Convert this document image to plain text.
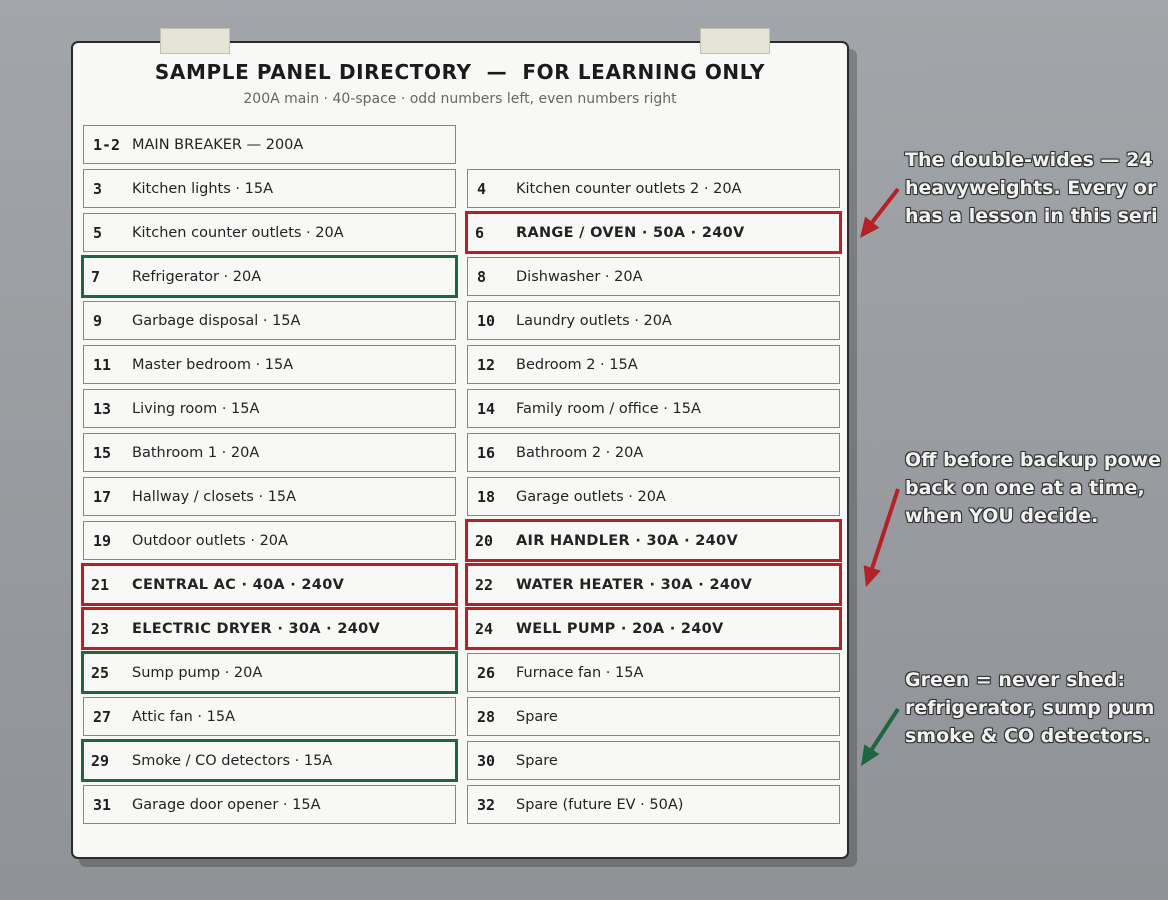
SAMPLE PANEL DIRECTORY  —  FOR LEARNING ONLY
200A main · 40-space · odd numbers left, even numbers right
1-2 MAIN BREAKER — 200A
3	Kitchen lights · 15A
5	Kitchen counter outlets · 20A
7	Refrigerator · 20A
9	Garbage disposal · 15A
11	Master bedroom · 15A
13	Living room · 15A
15	Bathroom 1 · 20A
17	Hallway / closets · 15A
19	Outdoor outlets · 20A
21	CENTRAL AC · 40A · 240V
23	ELECTRIC DRYER · 30A · 240V
25	Sump pump · 20A
27	Attic fan · 15A
29	Smoke / CO detectors · 15A
31	Garage door opener · 15A
4	Kitchen counter outlets 2 · 20A
6	RANGE / OVEN · 50A · 240V
8	Dishwasher · 20A
10	Laundry outlets · 20A
12	Bedroom 2 · 15A
14	Family room / office · 15A
16	Bathroom 2 · 20A
18	Garage outlets · 20A
20	AIR HANDLER · 30A · 240V
22	WATER HEATER · 30A · 240V
24	WELL PUMP · 20A · 240V
26	Furnace fan · 15A
28	Spare
30	Spare
32	Spare (future EV · 50A)
The double-wides — 24
heavyweights. Every or
has a lesson in this seri
Off before backup powe
back on one at a time,
when YOU decide.
Green = never shed:
refrigerator, sump pum
smoke & CO detectors.
